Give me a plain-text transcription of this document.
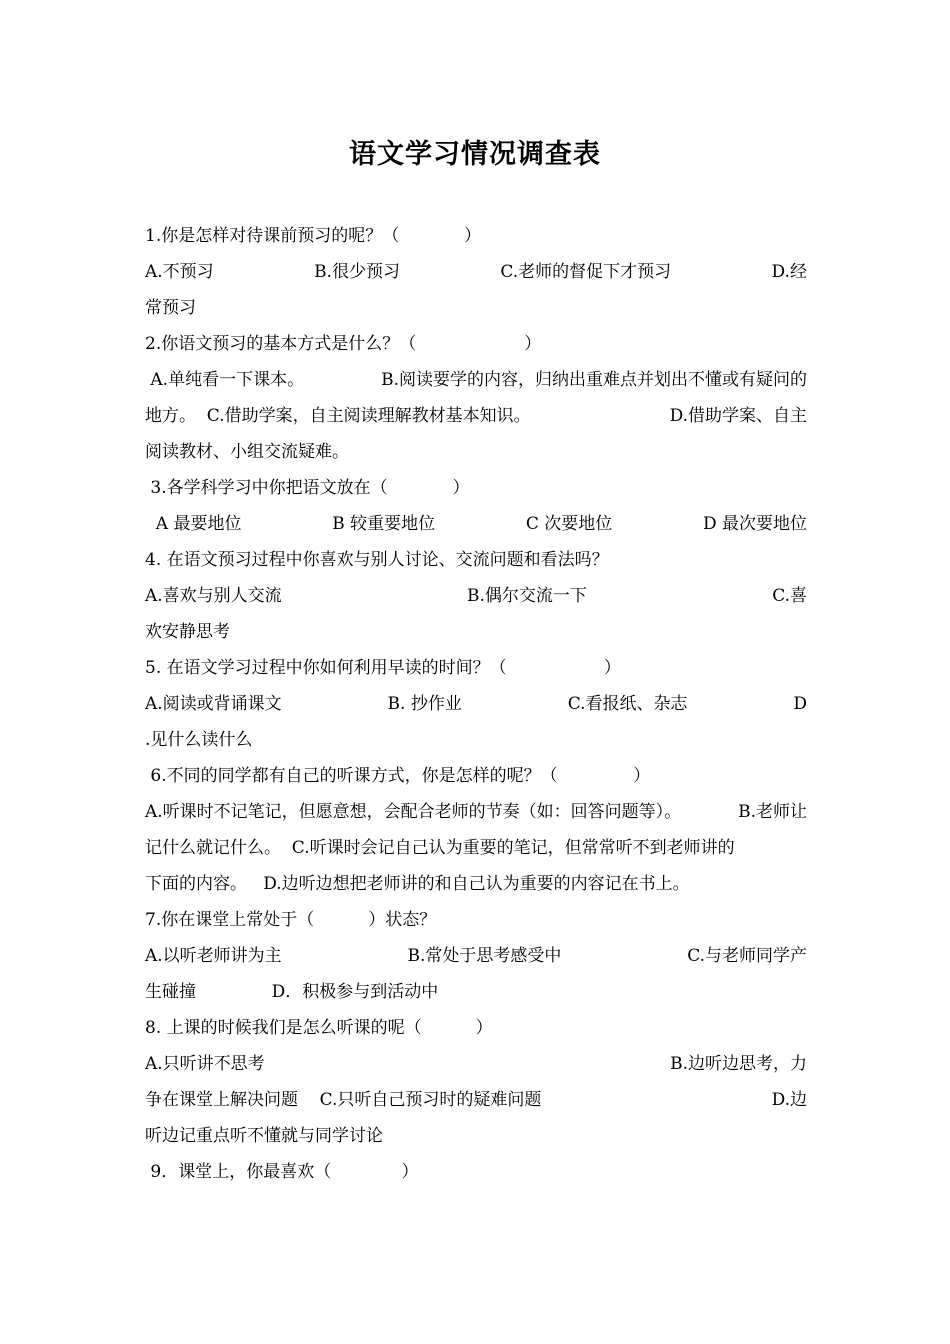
语文学习情况调查表
1.你是怎样对待课前预习的呢？（            ）
A.不预习	B.很少预习	C.老师的督促下才预习	D.经
常预习
2.你语文预习的基本方式是什么？（                    ）
A.单纯看一下课本。	B.阅读要学的内容，归纳出重难点并划出不懂或有疑问的
地方。  C.借助学案，自主阅读理解教材基本知识。	D.借助学案、自主
阅读教材、小组交流疑难。
3.各学科学习中你把语文放在（            ）
A 最要地位	B 较重要地位	C 次要地位	D 最次要地位
4. 在语文预习过程中你喜欢与别人讨论、交流问题和看法吗？
A.喜欢与别人交流	B.偶尔交流一下	C.喜
欢安静思考
5. 在语文学习过程中你如何利用早读的时间？（                  ）
A.阅读或背诵课文	B. 抄作业	C.看报纸、杂志	D
.见什么读什么
6.不同的同学都有自己的听课方式，你是怎样的呢？（              ）
A.听课时不记笔记，但愿意想，会配合老师的节奏（如：回答问题等）。	B.老师让
记什么就记什么。  C.听课时会记自己认为重要的笔记，但常常听不到老师讲的
下面的内容。   D.边听边想把老师讲的和自己认为重要的内容记在书上。
7.你在课堂上常处于（          ）状态？
A.以听老师讲为主	B.常处于思考感受中	C.与老师同学产
生碰撞              D．积极参与到活动中
8. 上课的时候我们是怎么听课的呢（          ）
A.只听讲不思考	B.边听边思考，力
争在课堂上解决问题    C.只听自己预习时的疑难问题	D.边
听边记重点听不懂就与同学讨论
9．课堂上，你最喜欢（             ）
